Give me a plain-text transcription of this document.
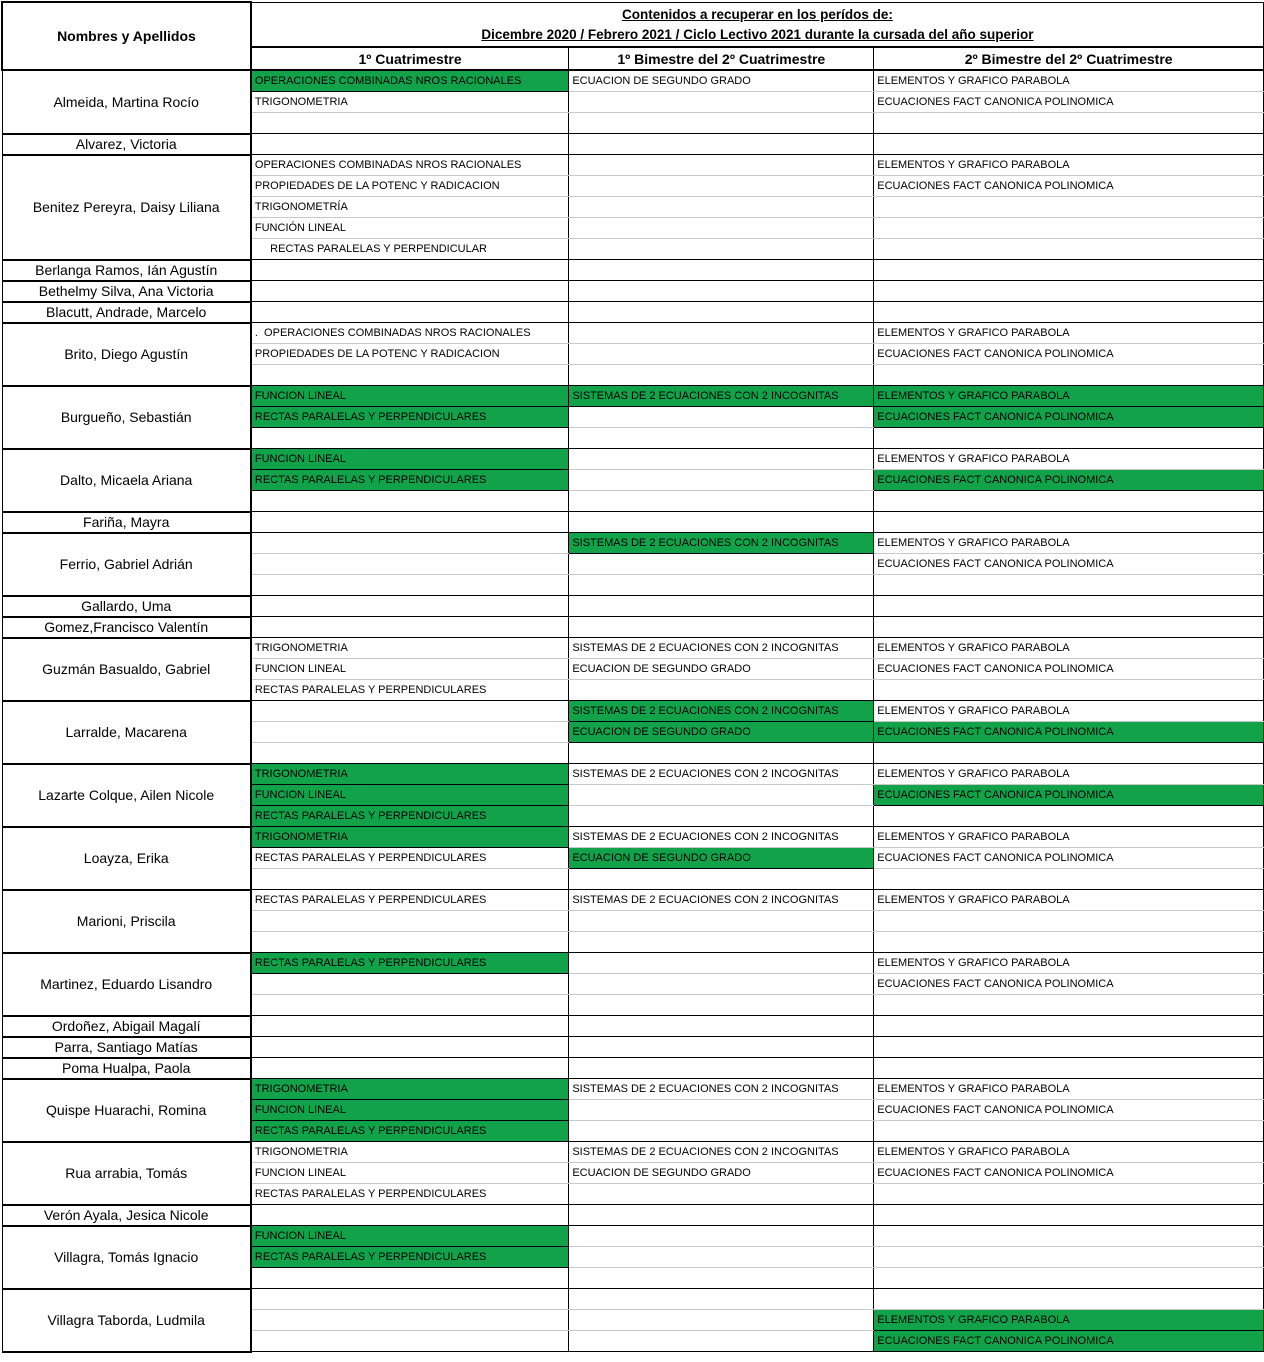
Nombres y Apellidos	Contenidos a recuperar en los perídos de:
Dicembre 2020 / Febrero 2021 / Ciclo Lectivo 2021 durante la cursada del año superior		

	1º Cuatrimestre	1º Bimestre del 2º Cuatrimestre	2º Bimestre del 2º Cuatrimestre
Almeida, Martina Rocío	OPERACIONES COMBINADAS NROS RACIONALES	ECUACION DE SEGUNDO GRADO	ELEMENTOS Y GRAFICO PARABOLA
	TRIGONOMETRIA		ECUACIONES FACT CANONICA POLINOMICA

Alvarez, Victoria			
Benitez Pereyra, Daisy Liliana	OPERACIONES COMBINADAS NROS RACIONALES		ELEMENTOS Y GRAFICO PARABOLA
	PROPIEDADES DE LA POTENC Y RADICACION		ECUACIONES FACT CANONICA POLINOMICA
	TRIGONOMETRÍA		
	FUNCIÓN LINEAL		
	RECTAS PARALELAS Y PERPENDICULAR		
Berlanga Ramos, Ián Agustín			
Bethelmy Silva, Ana Victoria			
Blacutt, Andrade, Marcelo			
Brito, Diego Agustín	.  OPERACIONES COMBINADAS NROS RACIONALES		ELEMENTOS Y GRAFICO PARABOLA
	PROPIEDADES DE LA POTENC Y RADICACION		ECUACIONES FACT CANONICA POLINOMICA

Burgueño, Sebastián	FUNCION LINEAL	SISTEMAS DE 2 ECUACIONES CON 2 INCOGNITAS	ELEMENTOS Y GRAFICO PARABOLA
	RECTAS PARALELAS Y PERPENDICULARES		ECUACIONES FACT CANONICA POLINOMICA

Dalto, Micaela Ariana	FUNCION LINEAL		ELEMENTOS Y GRAFICO PARABOLA
	RECTAS PARALELAS Y PERPENDICULARES		ECUACIONES FACT CANONICA POLINOMICA

Fariña, Mayra			
Ferrio, Gabriel Adrián		SISTEMAS DE 2 ECUACIONES CON 2 INCOGNITAS	ELEMENTOS Y GRAFICO PARABOLA
			ECUACIONES FACT CANONICA POLINOMICA

Gallardo, Uma			
Gomez,Francisco Valentín			
Guzmán Basualdo, Gabriel	TRIGONOMETRIA	SISTEMAS DE 2 ECUACIONES CON 2 INCOGNITAS	ELEMENTOS Y GRAFICO PARABOLA
	FUNCION LINEAL	ECUACION DE SEGUNDO GRADO	ECUACIONES FACT CANONICA POLINOMICA
	RECTAS PARALELAS Y PERPENDICULARES		
Larralde, Macarena		SISTEMAS DE 2 ECUACIONES CON 2 INCOGNITAS	ELEMENTOS Y GRAFICO PARABOLA
		ECUACION DE SEGUNDO GRADO	ECUACIONES FACT CANONICA POLINOMICA

Lazarte Colque, Ailen Nicole	TRIGONOMETRIA	SISTEMAS DE 2 ECUACIONES CON 2 INCOGNITAS	ELEMENTOS Y GRAFICO PARABOLA
	FUNCION LINEAL		ECUACIONES FACT CANONICA POLINOMICA
	RECTAS PARALELAS Y PERPENDICULARES		
Loayza, Erika	TRIGONOMETRIA	SISTEMAS DE 2 ECUACIONES CON 2 INCOGNITAS	ELEMENTOS Y GRAFICO PARABOLA
	RECTAS PARALELAS Y PERPENDICULARES	ECUACION DE SEGUNDO GRADO	ECUACIONES FACT CANONICA POLINOMICA

Marioni, Priscila	RECTAS PARALELAS Y PERPENDICULARES	SISTEMAS DE 2 ECUACIONES CON 2 INCOGNITAS	ELEMENTOS Y GRAFICO PARABOLA

Martinez, Eduardo Lisandro	RECTAS PARALELAS Y PERPENDICULARES		ELEMENTOS Y GRAFICO PARABOLA
			ECUACIONES FACT CANONICA POLINOMICA

Ordoñez, Abigail Magalí			
Parra, Santiago Matías			
Poma Hualpa, Paola			
Quispe Huarachi, Romina	TRIGONOMETRIA	SISTEMAS DE 2 ECUACIONES CON 2 INCOGNITAS	ELEMENTOS Y GRAFICO PARABOLA
	FUNCION LINEAL		ECUACIONES FACT CANONICA POLINOMICA
	RECTAS PARALELAS Y PERPENDICULARES		
Rua arrabia, Tomás	TRIGONOMETRIA	SISTEMAS DE 2 ECUACIONES CON 2 INCOGNITAS	ELEMENTOS Y GRAFICO PARABOLA
	FUNCION LINEAL	ECUACION DE SEGUNDO GRADO	ECUACIONES FACT CANONICA POLINOMICA
	RECTAS PARALELAS Y PERPENDICULARES		
Verón Ayala, Jesica Nicole			
Villagra, Tomás Ignacio	FUNCION LINEAL		
	RECTAS PARALELAS Y PERPENDICULARES		

Villagra Taborda, Ludmila			
			ELEMENTOS Y GRAFICO PARABOLA
			ECUACIONES FACT CANONICA POLINOMICA
